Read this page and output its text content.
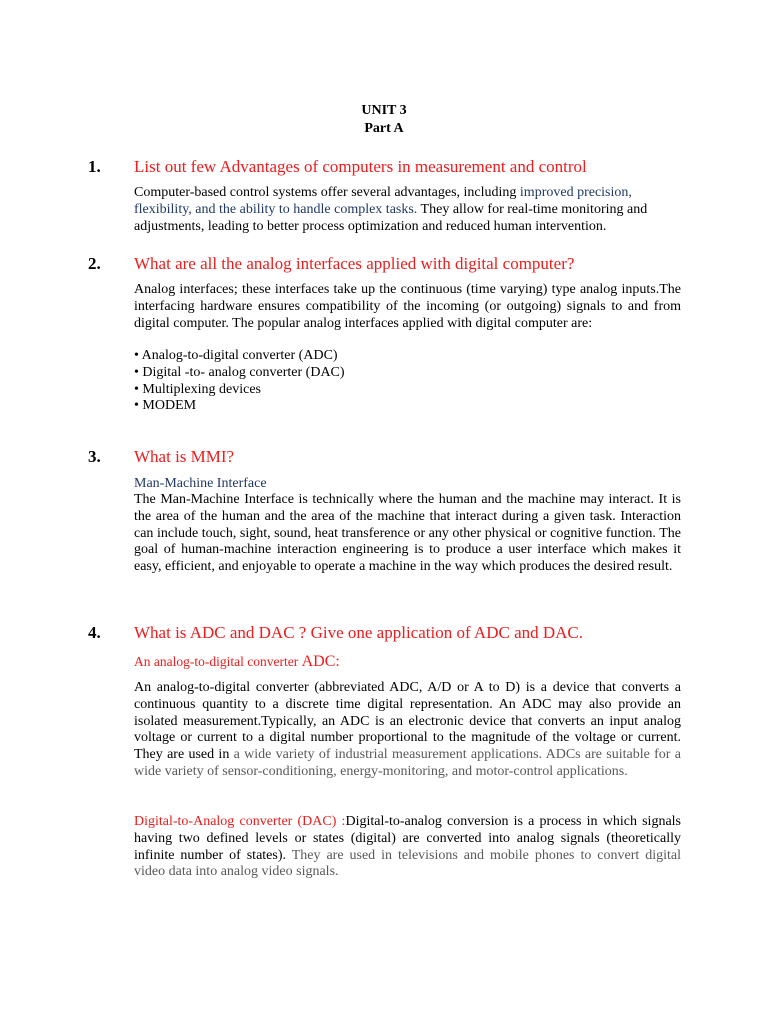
UNIT 3
Part A
1. List out few Advantages of computers in measurement and control
Computer-based control systems offer several advantages, including improved precision, flexibility, and the ability to handle complex tasks. They allow for real-time monitoring and adjustments, leading to better process optimization and reduced human intervention.
2. What are all the analog interfaces applied with digital computer?
Analog interfaces; these interfaces take up the continuous (time varying) type analog inputs.The interfacing hardware ensures compatibility of the incoming (or outgoing) signals to and from digital computer. The popular analog interfaces applied with digital computer are:
• Analog-to-digital converter (ADC)
• Digital -to- analog converter (DAC)
• Multiplexing devices
• MODEM
3. What is MMI?
Man-Machine Interface
The Man-Machine Interface is technically where the human and the machine may interact. It is the area of the human and the area of the machine that interact during a given task. Interaction can include touch, sight, sound, heat transference or any other physical or cognitive function. The goal of human-machine interaction engineering is to produce a user interface which makes it easy, efficient, and enjoyable to operate a machine in the way which produces the desired result.
4. What is ADC and DAC ? Give one application of ADC and DAC.
An analog-to-digital converter ADC:
An analog-to-digital converter (abbreviated ADC, A/D or A to D) is a device that converts a continuous quantity to a discrete time digital representation. An ADC may also provide an isolated measurement.Typically, an ADC is an electronic device that converts an input analog voltage or current to a digital number proportional to the magnitude of the voltage or current. They are used in a wide variety of industrial measurement applications. ADCs are suitable for a wide variety of sensor-conditioning, energy-monitoring, and motor-control applications.
Digital-to-Analog converter (DAC) :Digital-to-analog conversion is a process in which signals having two defined levels or states (digital) are converted into analog signals (theoretically infinite number of states). They are used in televisions and mobile phones to convert digital video data into analog video signals.
